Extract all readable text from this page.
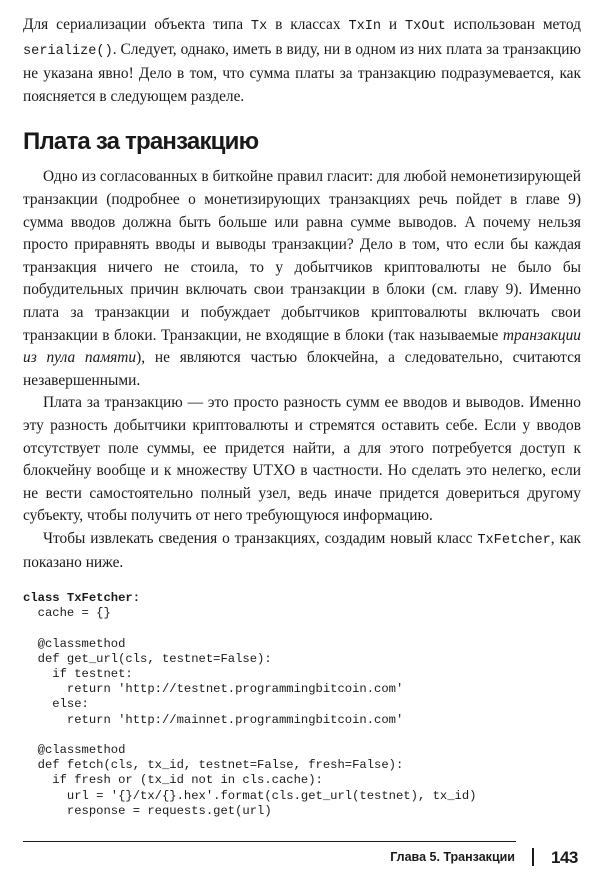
Для сериализации объекта типа Tx в классах TxIn и TxOut использован метод serialize(). Следует, однако, иметь в виду, ни в одном из них плата за транзакцию не указана явно! Дело в том, что сумма платы за транзакцию подразумевается, как поясняется в следующем разделе.

Плата за транзакцию

Одно из согласованных в биткойне правил гласит: для любой немонетизирующей транзакции (подробнее о монетизирующих транзакциях речь пойдет в главе 9) сумма вводов должна быть больше или равна сумме выводов. А почему нельзя просто приравнять вводы и выводы транзакции? Дело в том, что если бы каждая транзакция ничего не стоила, то у добытчиков криптовалюты не было бы побудительных причин включать свои транзакции в блоки (см. главу 9). Именно плата за транзакции и побуждает добытчиков криптовалюты включать свои транзакции в блоки. Транзакции, не входящие в блоки (так называемые транзакции из пула памяти), не являются частью блокчейна, а следовательно, считаются незавершенными.

Плата за транзакцию — это просто разность сумм ее вводов и выводов. Именно эту разность добытчики криптовалюты и стремятся оставить себе. Если у вводов отсутствует поле суммы, ее придется найти, а для этого потребуется доступ к блокчейну вообще и к множеству UTXO в частности. Но сделать это нелегко, если не вести самостоятельно полный узел, ведь иначе придется довериться другому субъекту, чтобы получить от него требующуюся информацию.

Чтобы извлекать сведения о транзакциях, создадим новый класс TxFetcher, как показано ниже.

class TxFetcher:
cache = {}
@classmethod
def get_url(cls, testnet=False):
if testnet:
return 'http://testnet.programmingbitcoin.com'
else:
return 'http://mainnet.programmingbitcoin.com'
@classmethod
def fetch(cls, tx_id, testnet=False, fresh=False):
if fresh or (tx_id not in cls.cache):
url = '{}/tx/{}.hex'.format(cls.get_url(testnet), tx_id)
response = requests.get(url)
Глава 5. Транзакции 143
